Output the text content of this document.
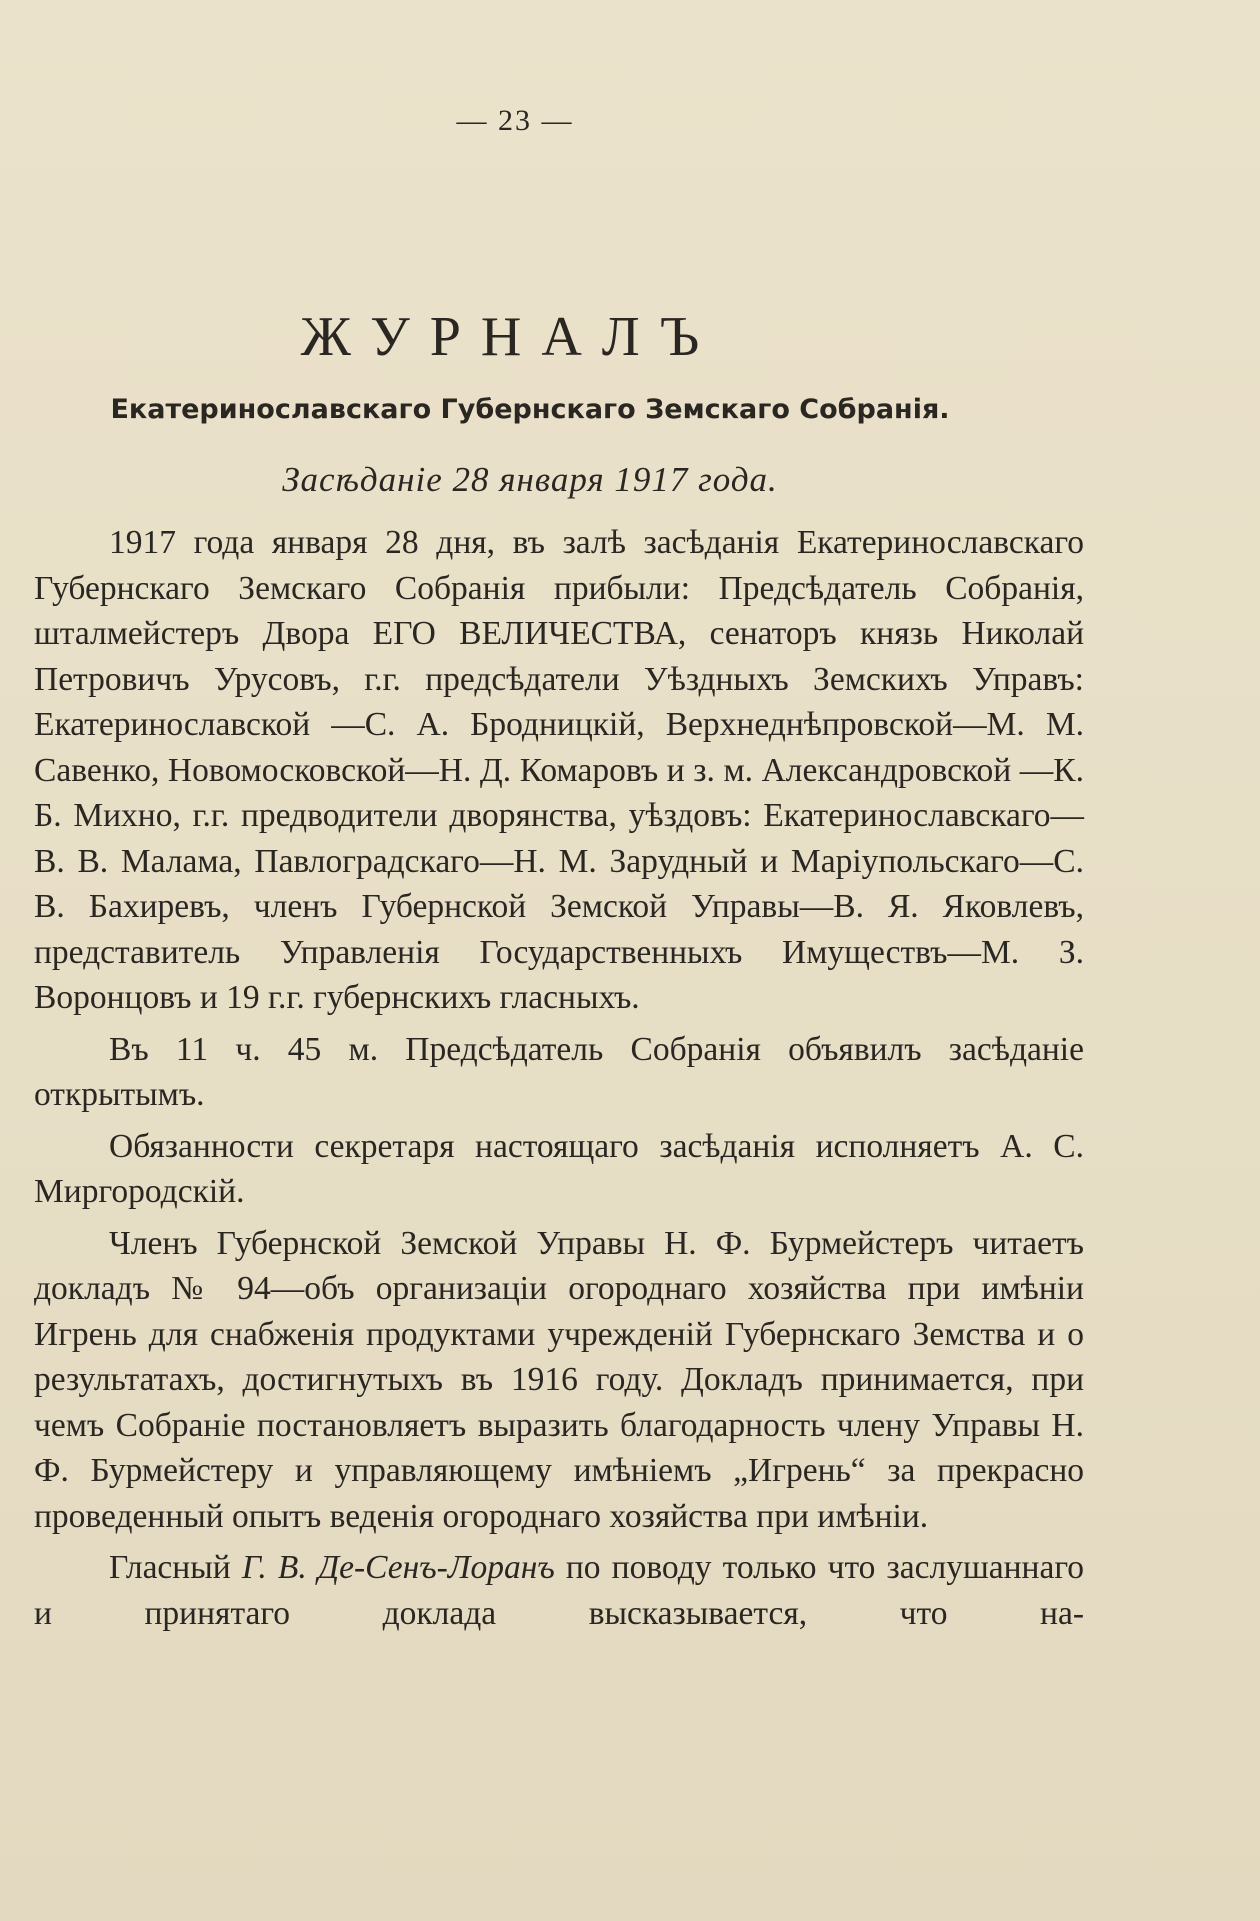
— 23 —
ЖУРНАЛЪ
Екатеринославскаго Губернскаго Земскаго Собранія.
Засѣданіе 28 января 1917 года.

1917 года января 28 дня, въ залѣ засѣданія Екатеринославскаго Губернскаго Земскаго Собранія прибыли: Предсѣдатель Собранія, шталмейстеръ Двора ЕГО ВЕЛИЧЕСТВА, сенаторъ князь Николай Петровичъ Урусовъ, г.г. предсѣдатели Уѣздныхъ Земскихъ Управъ: Екатеринославской —С. А. Бродницкій, Верхнеднѣпровской—М. М. Савенко, Новомосковской—Н. Д. Комаровъ и з. м. Александровской —К. Б. Михно, г.г. предводители дворянства, уѣздовъ: Екатеринославскаго—В. В. Малама, Павлоградскаго—Н. М. Зарудный и Маріупольскаго—С. В. Бахиревъ, членъ Губернской Земской Управы—В. Я. Яковлевъ, представитель Управленія Государственныхъ Имуществъ—М. З. Воронцовъ и 19 г.г. губернскихъ гласныхъ.

Въ 11 ч. 45 м. Предсѣдатель Собранія объявилъ засѣданіе открытымъ.

Обязанности секретаря настоящаго засѣданія исполняетъ А. С. Миргородскій.

Членъ Губернской Земской Управы Н. Ф. Бурмейстеръ читаетъ докладъ № 94—объ организаціи огороднаго хозяйства при имѣніи Игрень для снабженія продуктами учрежденій Губернскаго Земства и о результатахъ, достигнутыхъ въ 1916 году. Докладъ принимается, при чемъ Собраніе постановляетъ выразить благодарность члену Управы Н. Ф. Бурмейстеру и управляющему имѣніемъ „Игрень“ за прекрасно проведенный опытъ веденія огороднаго хозяйства при имѣніи.

Гласный Г. В. Де-Сенъ-Лоранъ по поводу только что заслушаннаго и принятаго доклада высказывается, что на-
